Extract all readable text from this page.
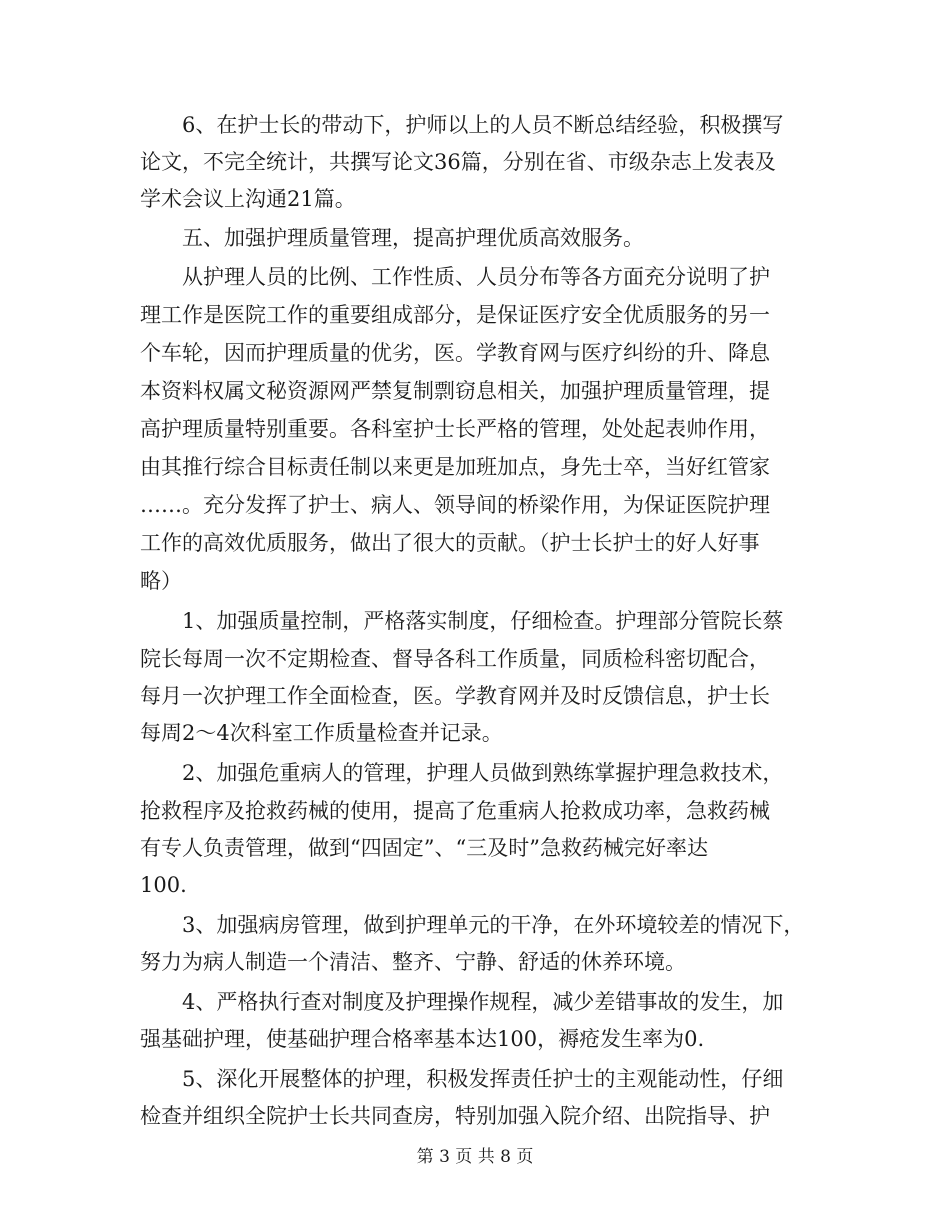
　　6、在护士长的带动下，护师以上的人员不断总结经验，积极撰写
论文，不完全统计，共撰写论文36篇，分别在省、市级杂志上发表及
学术会议上沟通21篇。
　　五、加强护理质量管理，提高护理优质高效服务。
　　从护理人员的比例、工作性质、人员分布等各方面充分说明了护
理工作是医院工作的重要组成部分，是保证医疗安全优质服务的另一
个车轮，因而护理质量的优劣，医。学教育网与医疗纠纷的升、降息
本资料权属文秘资源网严禁复制剽窃息相关，加强护理质量管理，提
高护理质量特别重要。各科室护士长严格的管理，处处起表帅作用，
由其推行综合目标责任制以来更是加班加点，身先士卒，当好红管家
……。充分发挥了护士、病人、领导间的桥梁作用，为保证医院护理
工作的高效优质服务，做出了很大的贡献。（护士长护士的好人好事
略）
　　1、加强质量控制，严格落实制度，仔细检查。护理部分管院长蔡
院长每周一次不定期检查、督导各科工作质量，同质检科密切配合，
每月一次护理工作全面检查，医。学教育网并及时反馈信息，护士长
每周2～4次科室工作质量检查并记录。
　　2、加强危重病人的管理，护理人员做到熟练掌握护理急救技术，
抢救程序及抢救药械的使用，提高了危重病人抢救成功率，急救药械
有专人负责管理，做到“四固定”、“三及时”急救药械完好率达
100.
　　3、加强病房管理，做到护理单元的干净，在外环境较差的情况下，
努力为病人制造一个清洁、整齐、宁静、舒适的休养环境。
　　4、严格执行查对制度及护理操作规程，减少差错事故的发生，加
强基础护理，使基础护理合格率基本达100，褥疮发生率为0.
　　5、深化开展整体的护理，积极发挥责任护士的主观能动性，仔细
检查并组织全院护士长共同查房，特别加强入院介绍、出院指导、护
第 3 页 共 8 页
